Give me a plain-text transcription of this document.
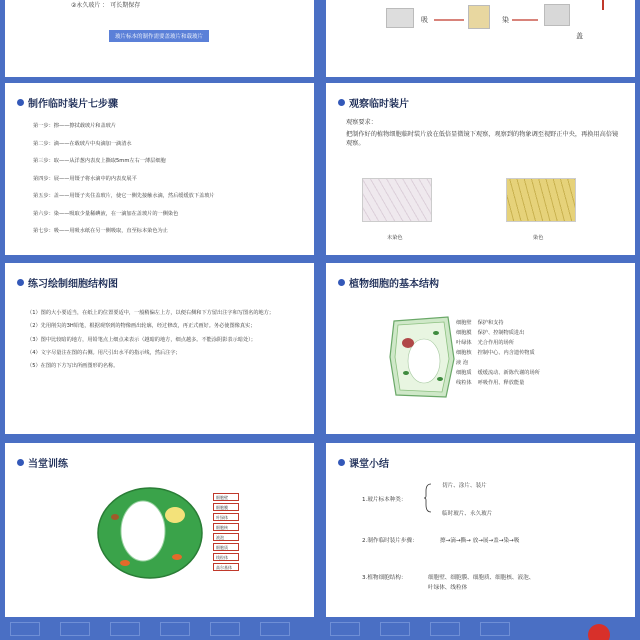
②永久玻片 ： 可长期保存
玻片标本的制作需要盖玻片和载玻片
吸	染
盖
制作临时装片七步骤
第一步：擦——擦拭载玻片和盖玻片
第二步：滴——在载玻片中央滴加一滴清水
第三步：取——从洋葱内表皮上撕取5mm左右一薄层细胞
第四步：展——用镊子将水滴中的内表皮展平
第五步：盖——用镊子夹住盖玻片，使它一侧先接触水滴，然后缓缓放下盖玻片
第六步：染——吸取少量稀碘液，在一滴加在盖玻片的一侧染色
第七步：吸——用吸水纸在另一侧吸取，直至标本染色为止
观察临时装片
观察要求：
把制作好的植物细胞临时装片放在低倍显微镜下观察，观察到的物象调至视野正中央，再换用高倍镜观察。
未染色	染色
练习绘制细胞结构图
（1）图的大小要适当，在纸上的位置要适中，一般稍偏左上方，以便右侧和下方留出注字和写图名的地方；
（2）先用削尖的3H铅笔，根据观察到的物像画出轮廓，经过修改，再正式画好。务必使图像真实；
（3）图中比较暗的地方，用铅笔点上细点来表示（越暗的地方，细点越多。不能涂阴影表示暗处）；
（4）文字尽量注在图的右侧。用尺引出水平的指示线，然后注字；
（5）在图的下方写出所画图形的名称。
植物细胞的基本结构
细胞壁 保护和支持
细胞膜 保护、控制物质进出
叶绿体 光合作用的场所
细胞核 控制中心、内含遗传物质
液 泡
细胞质 缓缓流动、新陈代谢的场所
线粒体 呼吸作用、释放能量
当堂训练
细胞壁
细胞膜
叶绿体
细胞核
液泡
细胞质
线粒体
高尔基体
课堂小结
1.玻片标本种类：
切片、涂片、装片
临时玻片、永久玻片
2.制作临时装片步骤：	擦→滴→撕→ 放→展→盖→染→吸
3.植物细胞结构：	细胞壁、细胞膜、细胞质、细胞核、液泡、
叶绿体、线粒体
